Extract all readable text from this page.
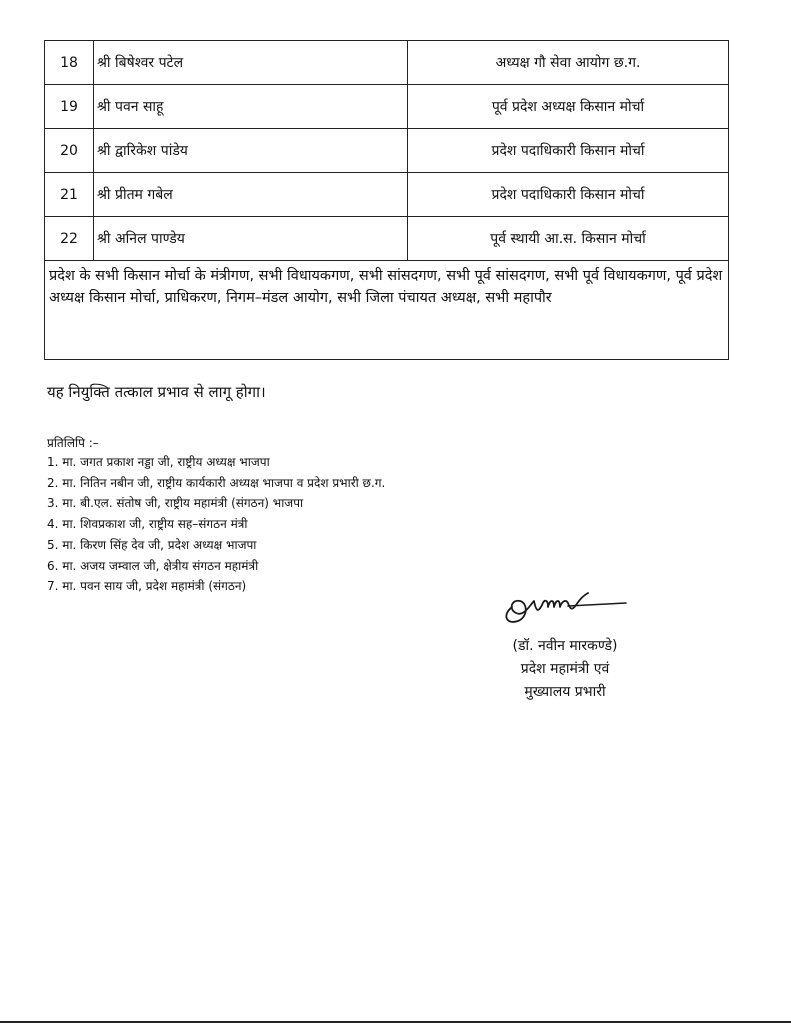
18	श्री बिषेश्वर पटेल	अध्यक्ष गौ सेवा आयोग छ.ग.
19	श्री पवन साहू	पूर्व प्रदेश अध्यक्ष किसान मोर्चा
20	श्री द्वारिकेश पांडेय	प्रदेश पदाधिकारी किसान मोर्चा
21	श्री प्रीतम गबेल	प्रदेश पदाधिकारी किसान मोर्चा
22	श्री अनिल पाण्डेय	पूर्व स्थायी आ.स. किसान मोर्चा
प्रदेश के सभी किसान मोर्चा के मंत्रीगण, सभी विधायकगण, सभी सांसदगण, सभी पूर्व सांसदगण, सभी पूर्व विधायकगण, पूर्व प्रदेश अध्यक्ष किसान मोर्चा, प्राधिकरण, निगम–मंडल आयोग, सभी जिला पंचायत अध्यक्ष, सभी महापौर		

यह नियुक्ति तत्काल प्रभाव से लागू होगा।

प्रतिलिपि :–

1. मा. जगत प्रकाश नड्डा जी, राष्ट्रीय अध्यक्ष भाजपा
2. मा. नितिन नबीन जी, राष्ट्रीय कार्यकारी अध्यक्ष भाजपा व प्रदेश प्रभारी छ.ग.
3. मा. बी.एल. संतोष जी, राष्ट्रीय महामंत्री (संगठन) भाजपा
4. मा. शिवप्रकाश जी, राष्ट्रीय सह–संगठन मंत्री
5. मा. किरण सिंह देव जी, प्रदेश अध्यक्ष भाजपा
6. मा. अजय जम्वाल जी, क्षेत्रीय संगठन महामंत्री
7. मा. पवन साय जी, प्रदेश महामंत्री (संगठन)
(डॉ. नवीन मारकण्डे)
प्रदेश महामंत्री एवं
मुख्यालय प्रभारी
